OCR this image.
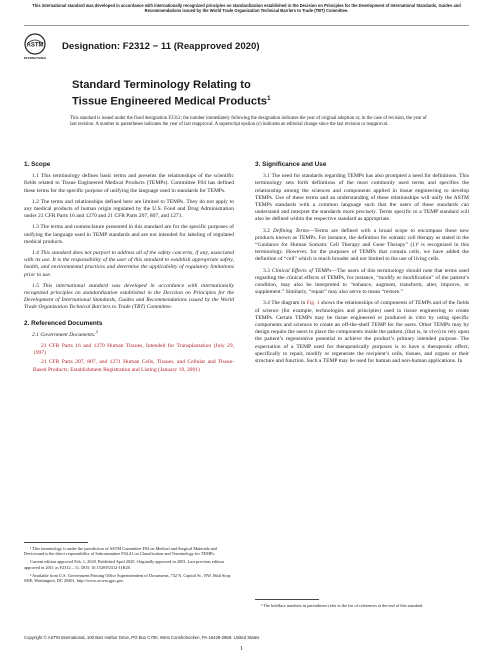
This international standard was developed in accordance with internationally recognized principles on standardization established in the Decision on Principles for the Development of International Standards, Guides and Recommendations issued by the World Trade Organization Technical Barriers to Trade (TBT) Committee.
ASTM
INTERNATIONAL
Designation: F2312 − 11 (Reapproved 2020)
Standard Terminology Relating to
Tissue Engineered Medical Products$^1$
This standard is issued under the fixed designation F2312; the number immediately following the designation indicates the year of original adoption or, in the case of revision, the year of last revision. A number in parentheses indicates the year of last reapproval. A superscript epsilon (ε) indicates an editorial change since the last revision or reapproval.
1. Scope

1.1 This terminology defines basic terms and presents the relationships of the scientific fields related to Tissue Engineered Medical Products (TEMPs). Committee F04 has defined these terms for the specific purpose of unifying the language used in standards for TEMPs.

1.2 The terms and relationships defined here are limited to TEMPs. They do not apply to any medical products of human origin regulated by the U.S. Food and Drug Administration under 21 CFR Parts 16 and 1270 and 21 CFR Parts 207, 807, and 1271.

1.3 The terms and nomenclature presented in this standard are for the specific purposes of unifying the language used in TEMP standards and are not intended for labeling of regulated medical products.

1.4 This standard does not purport to address all of the safety concerns, if any, associated with its use. It is the responsibility of the user of this standard to establish appropriate safety, health, and environmental practices and determine the applicability of regulatory limitations prior to use.

1.5 This international standard was developed in accordance with internationally recognized principles on standardization established in the Decision on Principles for the Development of International Standards, Guides and Recommendations issued by the World Trade Organization Technical Barriers to Trade (TBT) Committee.

2. Referenced Documents

2.1 Government Documents:$^2$

21 CFR Parts 16 and 1270 Human Tissues, Intended for Transplantation (July 29, 1997)

21 CFR Parts 207, 807, and 1271 Human Cells, Tissues, and Cellular and Tissue-Based Products; Establishment Registration and Listing (January 19, 2001)

¹ This terminology is under the jurisdiction of ASTM Committee F04 on Medical and Surgical Materials and Devicesand is the direct responsibility of Subcommittee F04.41 on Classification and Terminology for TEMPs.

Current edition approved Feb. 1, 2020. Published April 2020. Originally approved in 2003. Last previous edition approved in 2011 as F2312 – 11. DOI: 10.1520/F2312-11R20.

² Available from U.S. Government Printing Office Superintendent of Documents, 732 N. Capitol St., NW, Mail Stop: SDE, Washington, DC 20401, http://www.access.gpo.gov.

3. Significance and Use

3.1 The need for standards regarding TEMPs has also prompted a need for definitions. This terminology sets forth definitions of the most commonly used terms and specifies the relationship among the sciences and components applied in tissue engineering to develop TEMPs. Use of these terms and an understanding of these relationships will unify the ASTM TEMPs standards with a common language such that the users of these standards can understand and interpret the standards more precisely. Terms specific to a TEMP standard will also be defined within the respective standard as appropriate.

3.2 Defining Terms—Terms are defined with a broad scope to encompass these new products known as TEMPs. For instance, the definition for somatic cell therapy as stated in the “Guidance for Human Somatic Cell Therapy and Gene Therapy” (1)³ is recognized in this terminology. However, for the purposes of TEMPs that contain cells, we have added the definition of “cell” which is much broader and not limited to the use of living cells.

3.3 Clinical Effects of TEMPs—The users of this terminology should note that terms used regarding the clinical effects of TEMPs, for instance, “modify or modification” of the patient’s condition, may also be interpreted to “enhance, augment, transform, alter, improve, or supplement.” Similarly, “repair” may also serve to mean “restore.”

3.4 The diagram in Fig. 1 shows the relationships of components of TEMPs and of the fields of science (for example, technologies and principles) used in tissue engineering to create TEMPs. Certain TEMPs may be tissue engineered or produced in vitro by using specific components and sciences to create an off-the-shelf TEMP for the users. Other TEMPs may by design require the users to place the components inside the patient, (that is, in vivo) to rely upon the patient’s regenerative potential to achieve the product’s primary intended purpose. The expectation of a TEMP used for therapeutically purposes is to have a therapeutic effect, specifically to repair, modify or regenerate the recipient’s cells, tissues, and organs or their structure and function. Such a TEMP may be used for human and non-human applications. In

³ The boldface numbers in parentheses refer to the list of references at the end of this standard.

Copyright © ASTM International, 100 Barr Harbor Drive, PO Box C700, West Conshohocken, PA 19428-2959. United States
1
